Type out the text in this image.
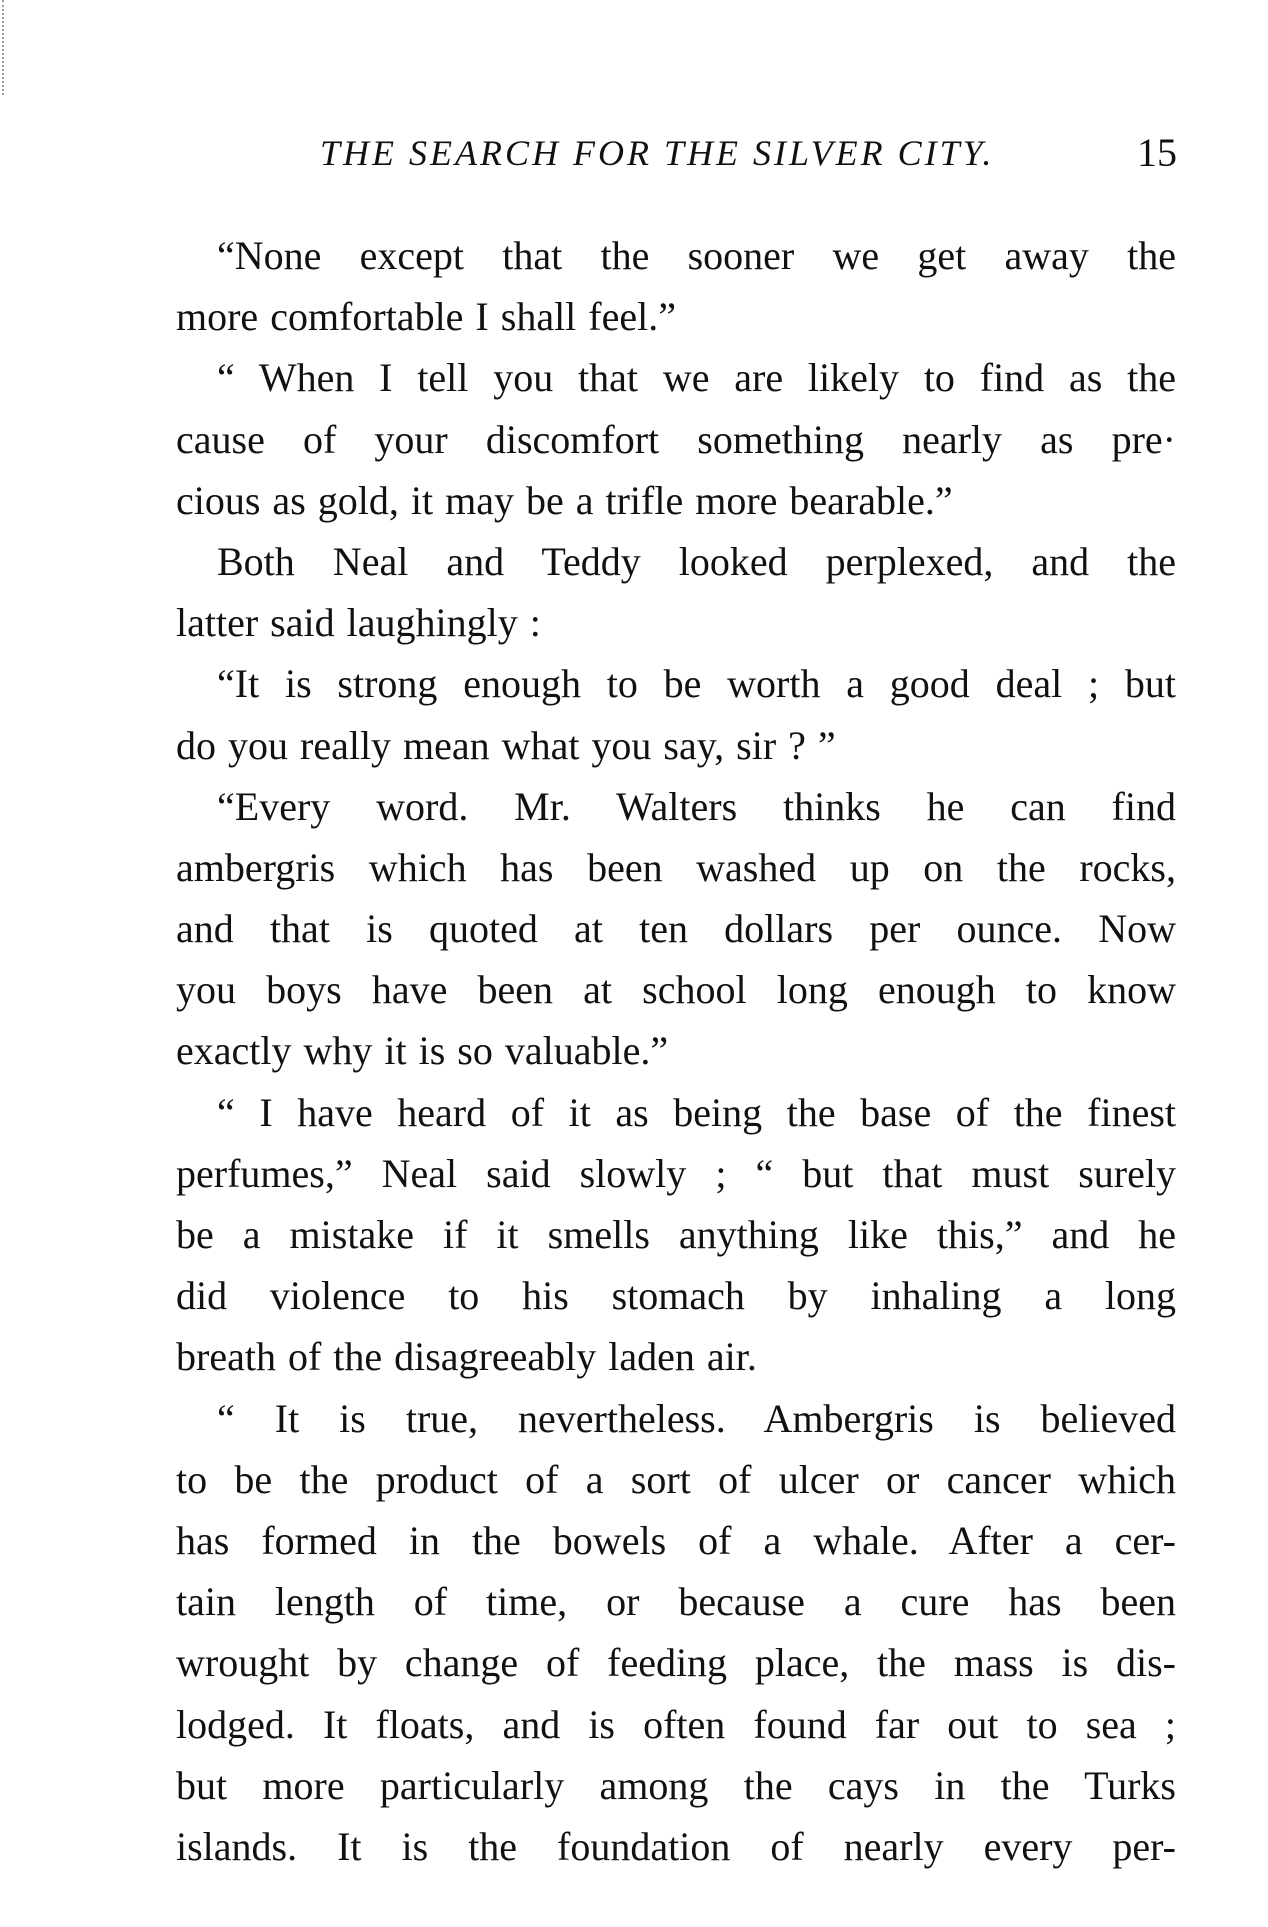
THE SEARCH FOR THE SILVER CITY.	15
“None except that the sooner we get away the
more comfortable I shall feel.”
“ When I tell you that we are likely to find as the
cause of your discomfort something nearly as pre·
cious as gold, it may be a trifle more bearable.”
Both Neal and Teddy looked perplexed, and the
latter said laughingly :
“It is strong enough to be worth a good deal ; but
do you really mean what you say, sir ? ”
“Every word. Mr. Walters thinks he can find
ambergris which has been washed up on the rocks,
and that is quoted at ten dollars per ounce. Now
you boys have been at school long enough to know
exactly why it is so valuable.”
“ I have heard of it as being the base of the finest
perfumes,” Neal said slowly ; “ but that must surely
be a mistake if it smells anything like this,” and he
did violence to his stomach by inhaling a long
breath of the disagreeably laden air.
“ It is true, nevertheless. Ambergris is believed
to be the product of a sort of ulcer or cancer which
has formed in the bowels of a whale. After a cer-
tain length of time, or because a cure has been
wrought by change of feeding place, the mass is dis-
lodged. It floats, and is often found far out to sea ;
but more particularly among the cays in the Turks
islands. It is the foundation of nearly every per-
